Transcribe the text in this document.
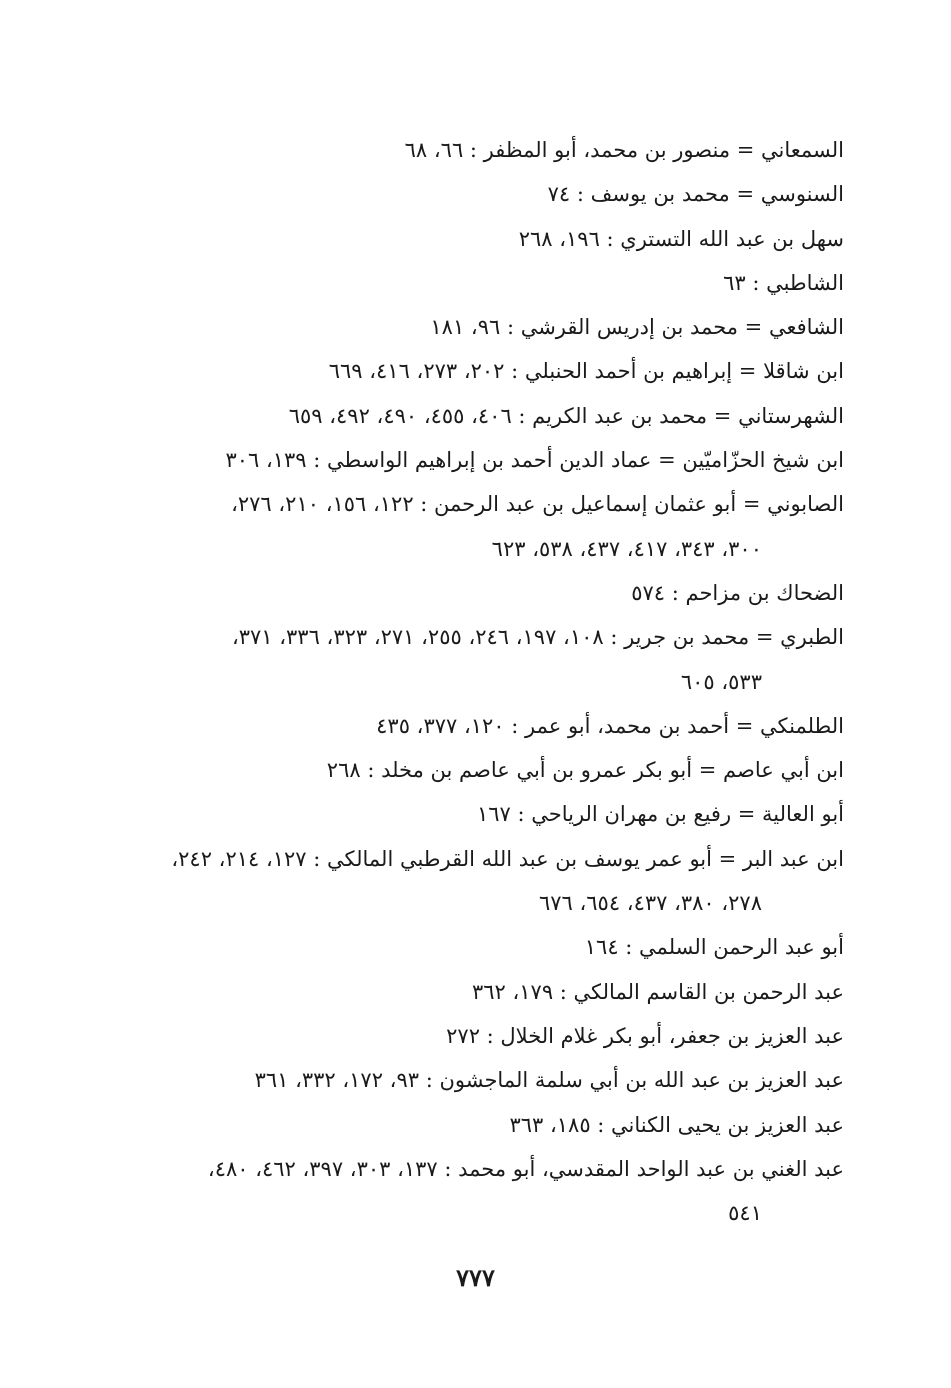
السمعاني = منصور بن محمد، أبو المظفر : ٦٦، ٦٨

السنوسي = محمد بن يوسف : ٧٤

سهل بن عبد الله التستري : ١٩٦، ٢٦٨

الشاطبي : ٦٣

الشافعي = محمد بن إدريس القرشي : ٩٦، ١٨١

ابن شاقلا = إبراهيم بن أحمد الحنبلي : ٢٠٢، ٢٧٣، ٤١٦، ٦٦٩

الشهرستاني = محمد بن عبد الكريم : ٤٠٦، ٤٥٥، ٤٩٠، ٤٩٢، ٦٥٩

ابن شيخ الحزّاميّين = عماد الدين أحمد بن إبراهيم الواسطي : ١٣٩، ٣٠٦

الصابوني = أبو عثمان إسماعيل بن عبد الرحمن : ١٢٢، ١٥٦، ٢١٠، ٢٧٦،
٣٠٠، ٣٤٣، ٤١٧، ٤٣٧، ٥٣٨، ٦٢٣

الضحاك بن مزاحم : ٥٧٤

الطبري = محمد بن جرير : ١٠٨، ١٩٧، ٢٤٦، ٢٥٥، ٢٧١، ٣٢٣، ٣٣٦، ٣٧١،
٥٣٣، ٦٠٥

الطلمنكي = أحمد بن محمد، أبو عمر : ١٢٠، ٣٧٧، ٤٣٥

ابن أبي عاصم = أبو بكر عمرو بن أبي عاصم بن مخلد : ٢٦٨

أبو العالية = رفيع بن مهران الرياحي : ١٦٧

ابن عبد البر = أبو عمر يوسف بن عبد الله القرطبي المالكي : ١٢٧، ٢١٤، ٢٤٢،
٢٧٨، ٣٨٠، ٤٣٧، ٦٥٤، ٦٧٦

أبو عبد الرحمن السلمي : ١٦٤

عبد الرحمن بن القاسم المالكي : ١٧٩، ٣٦٢

عبد العزيز بن جعفر، أبو بكر غلام الخلال : ٢٧٢

عبد العزيز بن عبد الله بن أبي سلمة الماجشون : ٩٣، ١٧٢، ٣٣٢، ٣٦١

عبد العزيز بن يحيى الكناني : ١٨٥، ٣٦٣

عبد الغني بن عبد الواحد المقدسي، أبو محمد : ١٣٧، ٣٠٣، ٣٩٧، ٤٦٢، ٤٨٠،
٥٤١

٧٧٧
